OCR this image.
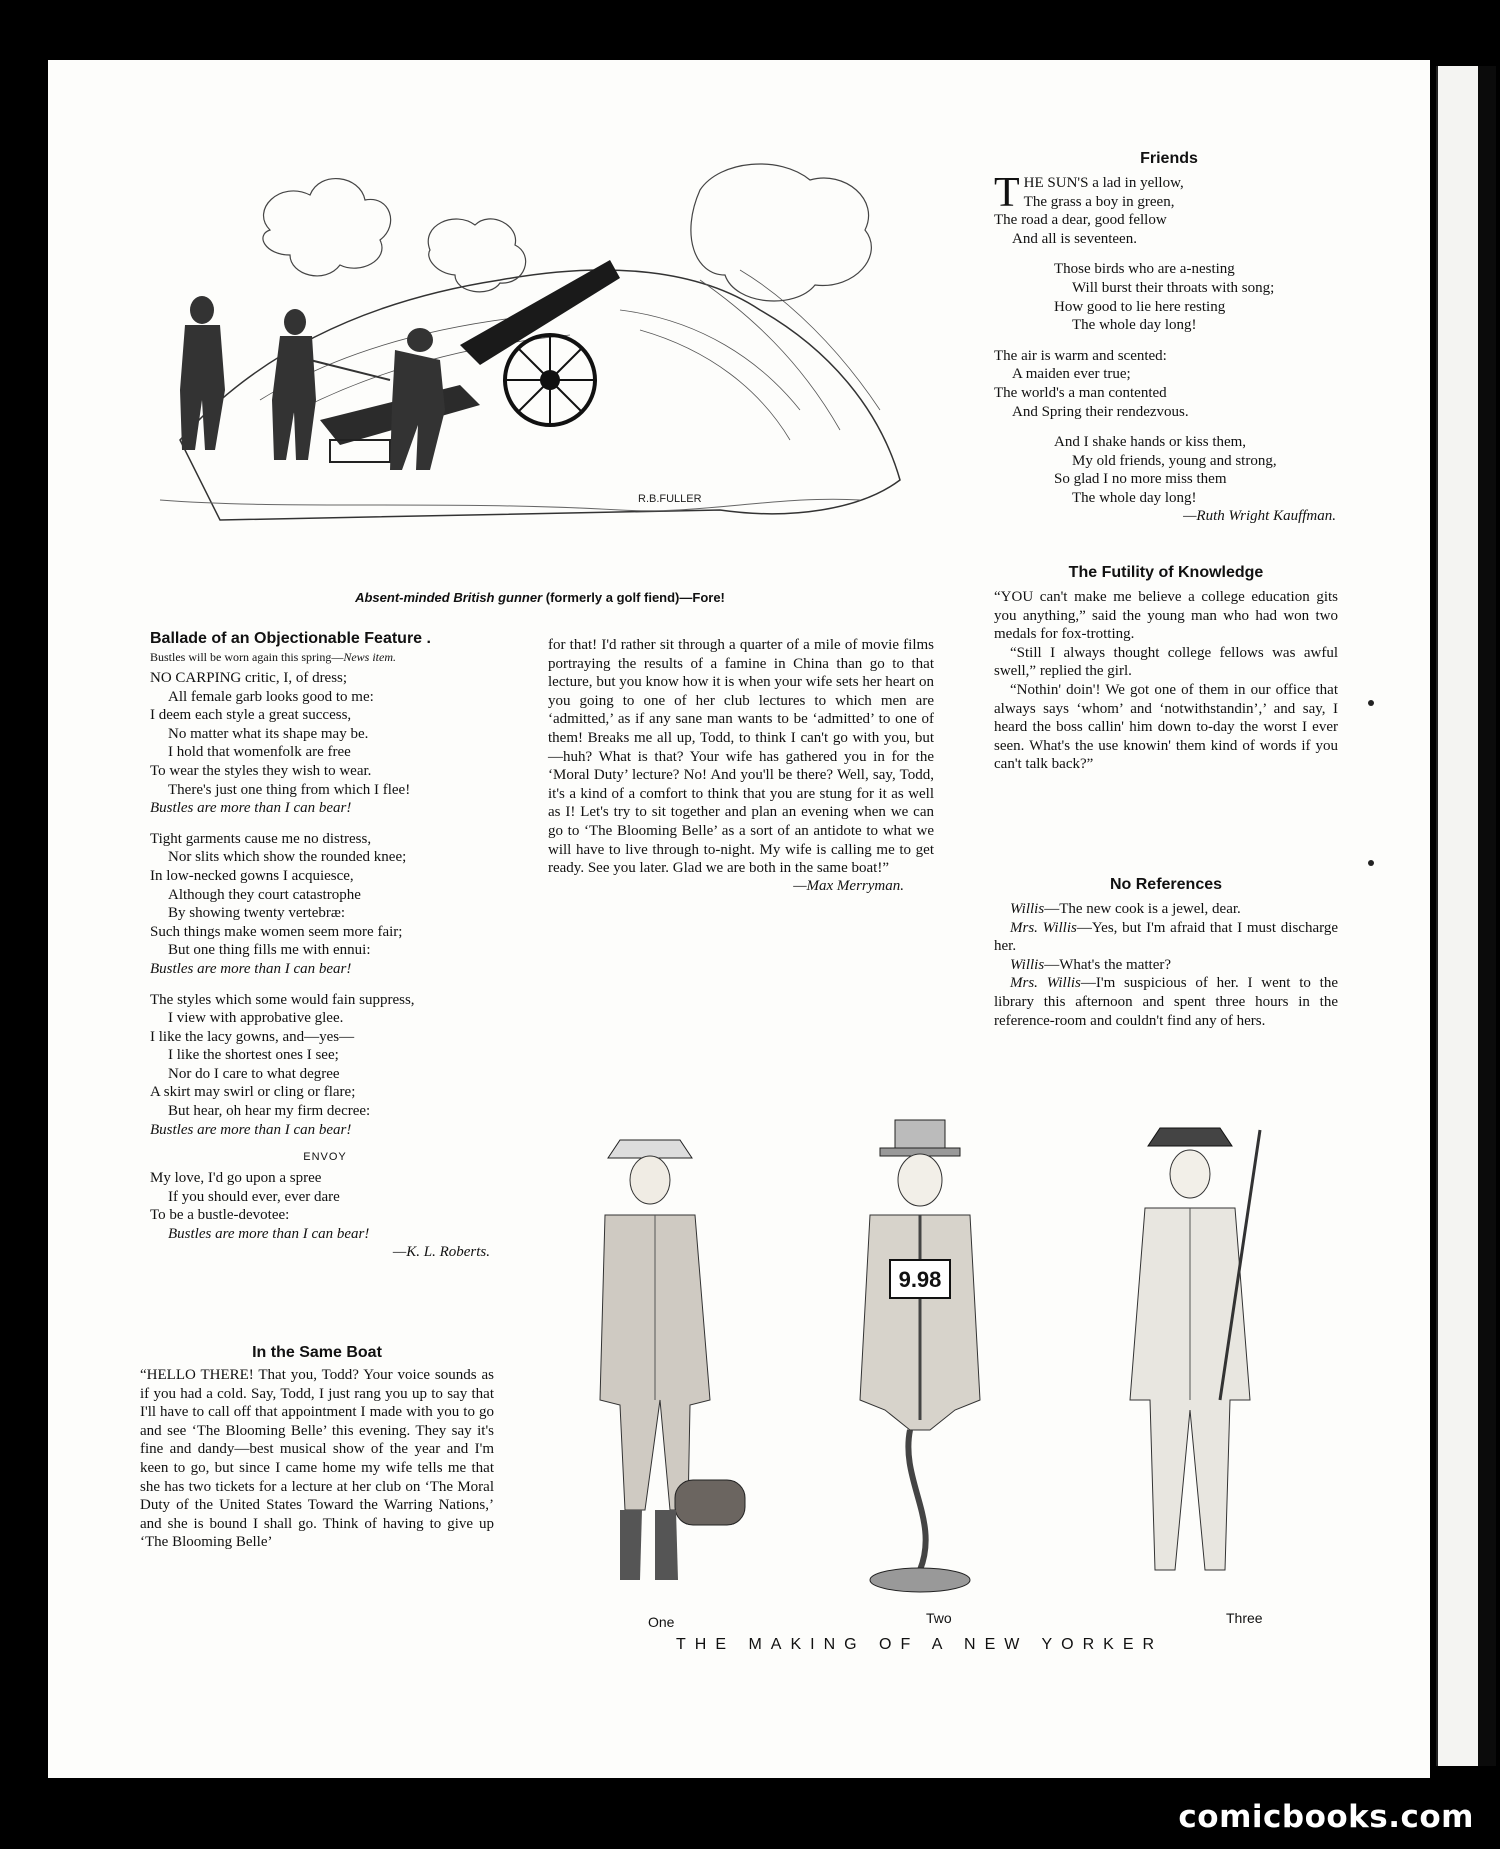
R.B.FULLER
Absent-minded British gunner (formerly a golf fiend)—Fore!
Friends
T HE SUN'S a lad in yellow,
The grass a boy in green,
The road a dear, good fellow
And all is seventeen.
Those birds who are a-nesting
Will burst their throats with song;
How good to lie here resting
The whole day long!
The air is warm and scented:
A maiden ever true;
The world's a man contented
And Spring their rendezvous.
And I shake hands or kiss them,
My old friends, young and strong,
So glad I no more miss them
The whole day long!
—Ruth Wright Kauffman.
The Futility of Knowledge

“YOU can't make me believe a college education gits you anything,” said the young man who had won two medals for fox-trotting.

“Still I always thought college fellows was awful swell,” replied the girl.

“Nothin' doin'! We got one of them in our office that always says ‘whom’ and ‘notwithstandin’,’ and say, I heard the boss callin' him down to-day the worst I ever seen. What's the use knowin' them kind of words if you can't talk back?”

No References

Willis—The new cook is a jewel, dear.

Mrs. Willis—Yes, but I'm afraid that I must discharge her.

Willis—What's the matter?

Mrs. Willis—I'm suspicious of her. I went to the library this afternoon and spent three hours in the reference-room and couldn't find any of hers.

Ballade of an Objectionable Feature .
Bustles will be worn again this spring—News item.
NO CARPING critic, I, of dress;
All female garb looks good to me:
I deem each style a great success,
No matter what its shape may be.
I hold that womenfolk are free
To wear the styles they wish to wear.
There's just one thing from which I flee!
Bustles are more than I can bear!
Tight garments cause me no distress,
Nor slits which show the rounded knee;
In low-necked gowns I acquiesce,
Although they court catastrophe
By showing twenty vertebræ:
Such things make women seem more fair;
But one thing fills me with ennui:
Bustles are more than I can bear!
The styles which some would fain suppress,
I view with approbative glee.
I like the lacy gowns, and—yes—
I like the shortest ones I see;
Nor do I care to what degree
A skirt may swirl or cling or flare;
But hear, oh hear my firm decree:
Bustles are more than I can bear!
ENVOY
My love, I'd go upon a spree
If you should ever, ever dare
To be a bustle-devotee:
Bustles are more than I can bear!
—K. L. Roberts.
In the Same Boat

“HELLO THERE! That you, Todd? Your voice sounds as if you had a cold. Say, Todd, I just rang you up to say that I'll have to call off that appointment I made with you to go and see ‘The Blooming Belle’ this evening. They say it's fine and dandy—best musical show of the year and I'm keen to go, but since I came home my wife tells me that she has two tickets for a lecture at her club on ‘The Moral Duty of the United States Toward the Warring Nations,’ and she is bound I shall go. Think of having to give up ‘The Blooming Belle’

for that! I'd rather sit through a quarter of a mile of movie films portraying the results of a famine in China than go to that lecture, but you know how it is when your wife sets her heart on you going to one of her club lectures to which men are ‘admitted,’ as if any sane man wants to be ‘admitted’ to one of them! Breaks me all up, Todd, to think I can't go with you, but—huh? What is that? Your wife has gathered you in for the ‘Moral Duty’ lecture? No! And you'll be there? Well, say, Todd, it's a kind of a comfort to think that you are stung for it as well as I! Let's try to sit together and plan an evening when we can go to ‘The Blooming Belle’ as a sort of an antidote to what we will have to live through to-night. My wife is calling me to get ready. See you later. Glad we are both in the same boat!”

—Max Merryman.
9.98
One	Two	Three
THE MAKING OF A NEW YORKER
comicbooks.com
